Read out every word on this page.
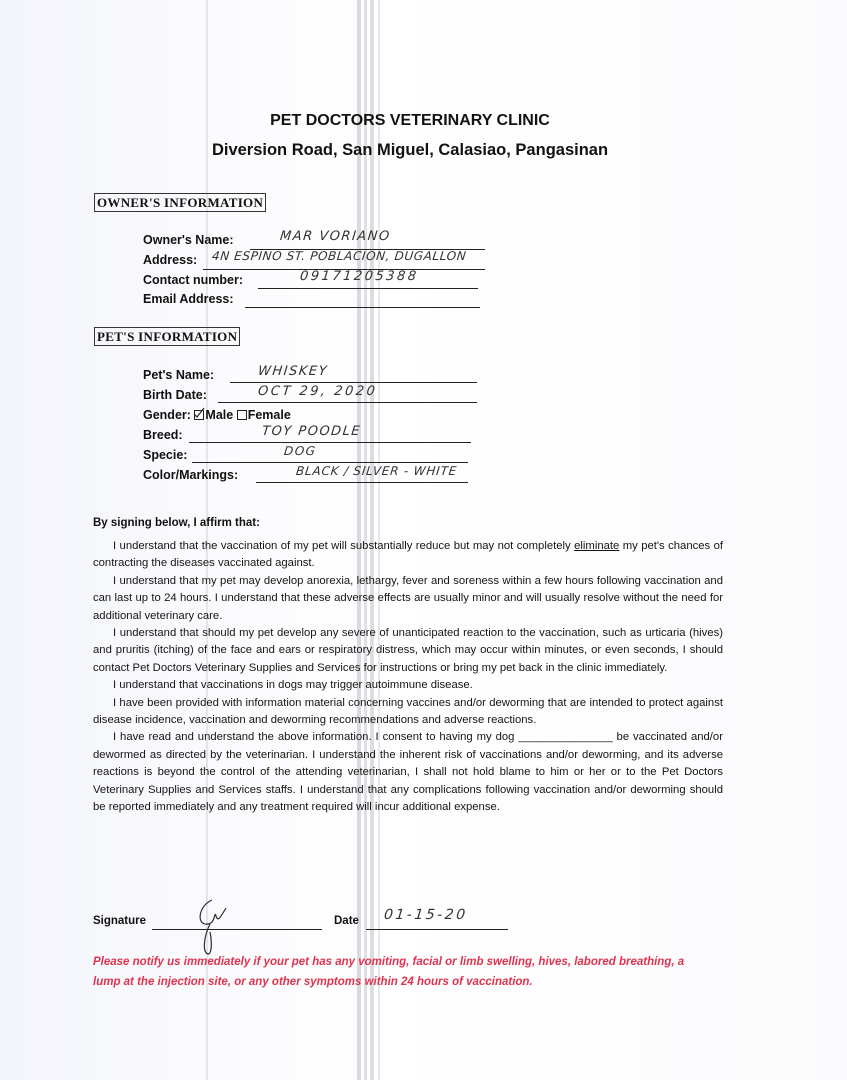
PET DOCTORS VETERINARY CLINIC
Diversion Road, San Miguel, Calasiao, Pangasinan
OWNER'S INFORMATION
Owner's Name:	MAR VORIANO
Address: 4N ESPINO ST. POBLACION, DUGALLON
Contact number:	09171205388
Email Address:
PET'S INFORMATION
Pet's Name:	WHISKEY
Birth Date:	OCT 29, 2020
Gender: Male Female
Breed:	TOY POODLE
Specie:	DOG
Color/Markings:	BLACK / SILVER - WHITE
By signing below, I affirm that:

I understand that the vaccination of my pet will substantially reduce but may not completely eliminate my pet's chances of contracting the diseases vaccinated against.

I understand that my pet may develop anorexia, lethargy, fever and soreness within a few hours following vaccination and can last up to 24 hours. I understand that these adverse effects are usually minor and will usually resolve without the need for additional veterinary care.

I understand that should my pet develop any severe of unanticipated reaction to the vaccination, such as urticaria (hives) and pruritis (itching) of the face and ears or respiratory distress, which may occur within minutes, or even seconds, I should contact Pet Doctors Veterinary Supplies and Services for instructions or bring my pet back in the clinic immediately.

I understand that vaccinations in dogs may trigger autoimmune disease.

I have been provided with information material concerning vaccines and/or deworming that are intended to protect against disease incidence, vaccination and deworming recommendations and adverse reactions.

I have read and understand the above information. I consent to having my dog _______________ be vaccinated and/or dewormed as directed by the veterinarian. I understand the inherent risk of vaccinations and/or deworming, and its adverse reactions is beyond the control of the attending veterinarian, I shall not hold blame to him or her or to the Pet Doctors Veterinary Supplies and Services staffs. I understand that any complications following vaccination and/or deworming should be reported immediately and any treatment required will incur additional expense.

Signature	Date 01-15-20
Please notify us immediately if your pet has any vomiting, facial or limb swelling, hives, labored breathing, a lump at the injection site, or any other symptoms within 24 hours of vaccination.
